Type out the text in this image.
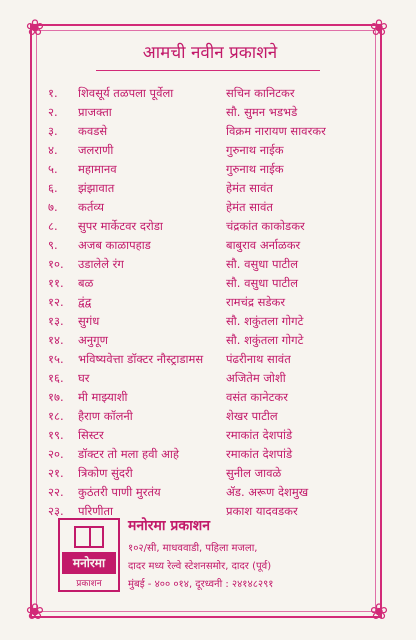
❀	❀
❀	❀
आमची नवीन प्रकाशने
१.	शिवसूर्य तळपला पूर्वेला	सचिन कानिटकर
२.	प्राजक्ता	सौ. सुमन भडभडे
३.	कवडसे	विक्रम नारायण सावरकर
४.	जलराणी	गुरुनाथ नाईक
५.	महामानव	गुरुनाथ नाईक
६.	झंझावात	हेमंत सावंत
७.	कर्तव्य	हेमंत सावंत
८.	सुपर मार्केटवर दरोडा	चंद्रकांत काकोडकर
९.	अजब काळापहाड	बाबुराव अर्नाळकर
१०.	उडालेले रंग	सौ. वसुधा पाटील
११.	बळ	सौ. वसुधा पाटील
१२.	द्वंद्व	रामचंद्र सडेकर
१३.	सुगंध	सौ. शकुंतला गोगटे
१४.	अनुगूण	सौ. शकुंतला गोगटे
१५.	भविष्यवेत्ता डॉक्टर नौस्ट्राडामस	पंढरीनाथ सावंत
१६.	घर	अजितेम जोशी
१७.	मी माझ्याशी	वसंत कानेटकर
१८.	हैराण कॉलनी	शेखर पाटील
१९.	सिस्टर	रमाकांत देशपांडे
२०.	डॉक्टर तो मला हवी आहे	रमाकांत देशपांडे
२१.	त्रिकोण सुंदरी	सुनील जावळे
२२.	कुठंतरी पाणी मुरतंय	ॲड. अरूण देशमुख
२३.	परिणीता	प्रकाश यादवडकर
मनोरमा
प्रकाशन
मनोरमा प्रकाशन
१०२/सी, माधववाडी, पहिला मजला,
दादर मध्य रेल्वे स्टेशनसमोर, दादर (पूर्व)
मुंबई - ४०० ०१४, दूरध्वनी : २४१४८२९१
